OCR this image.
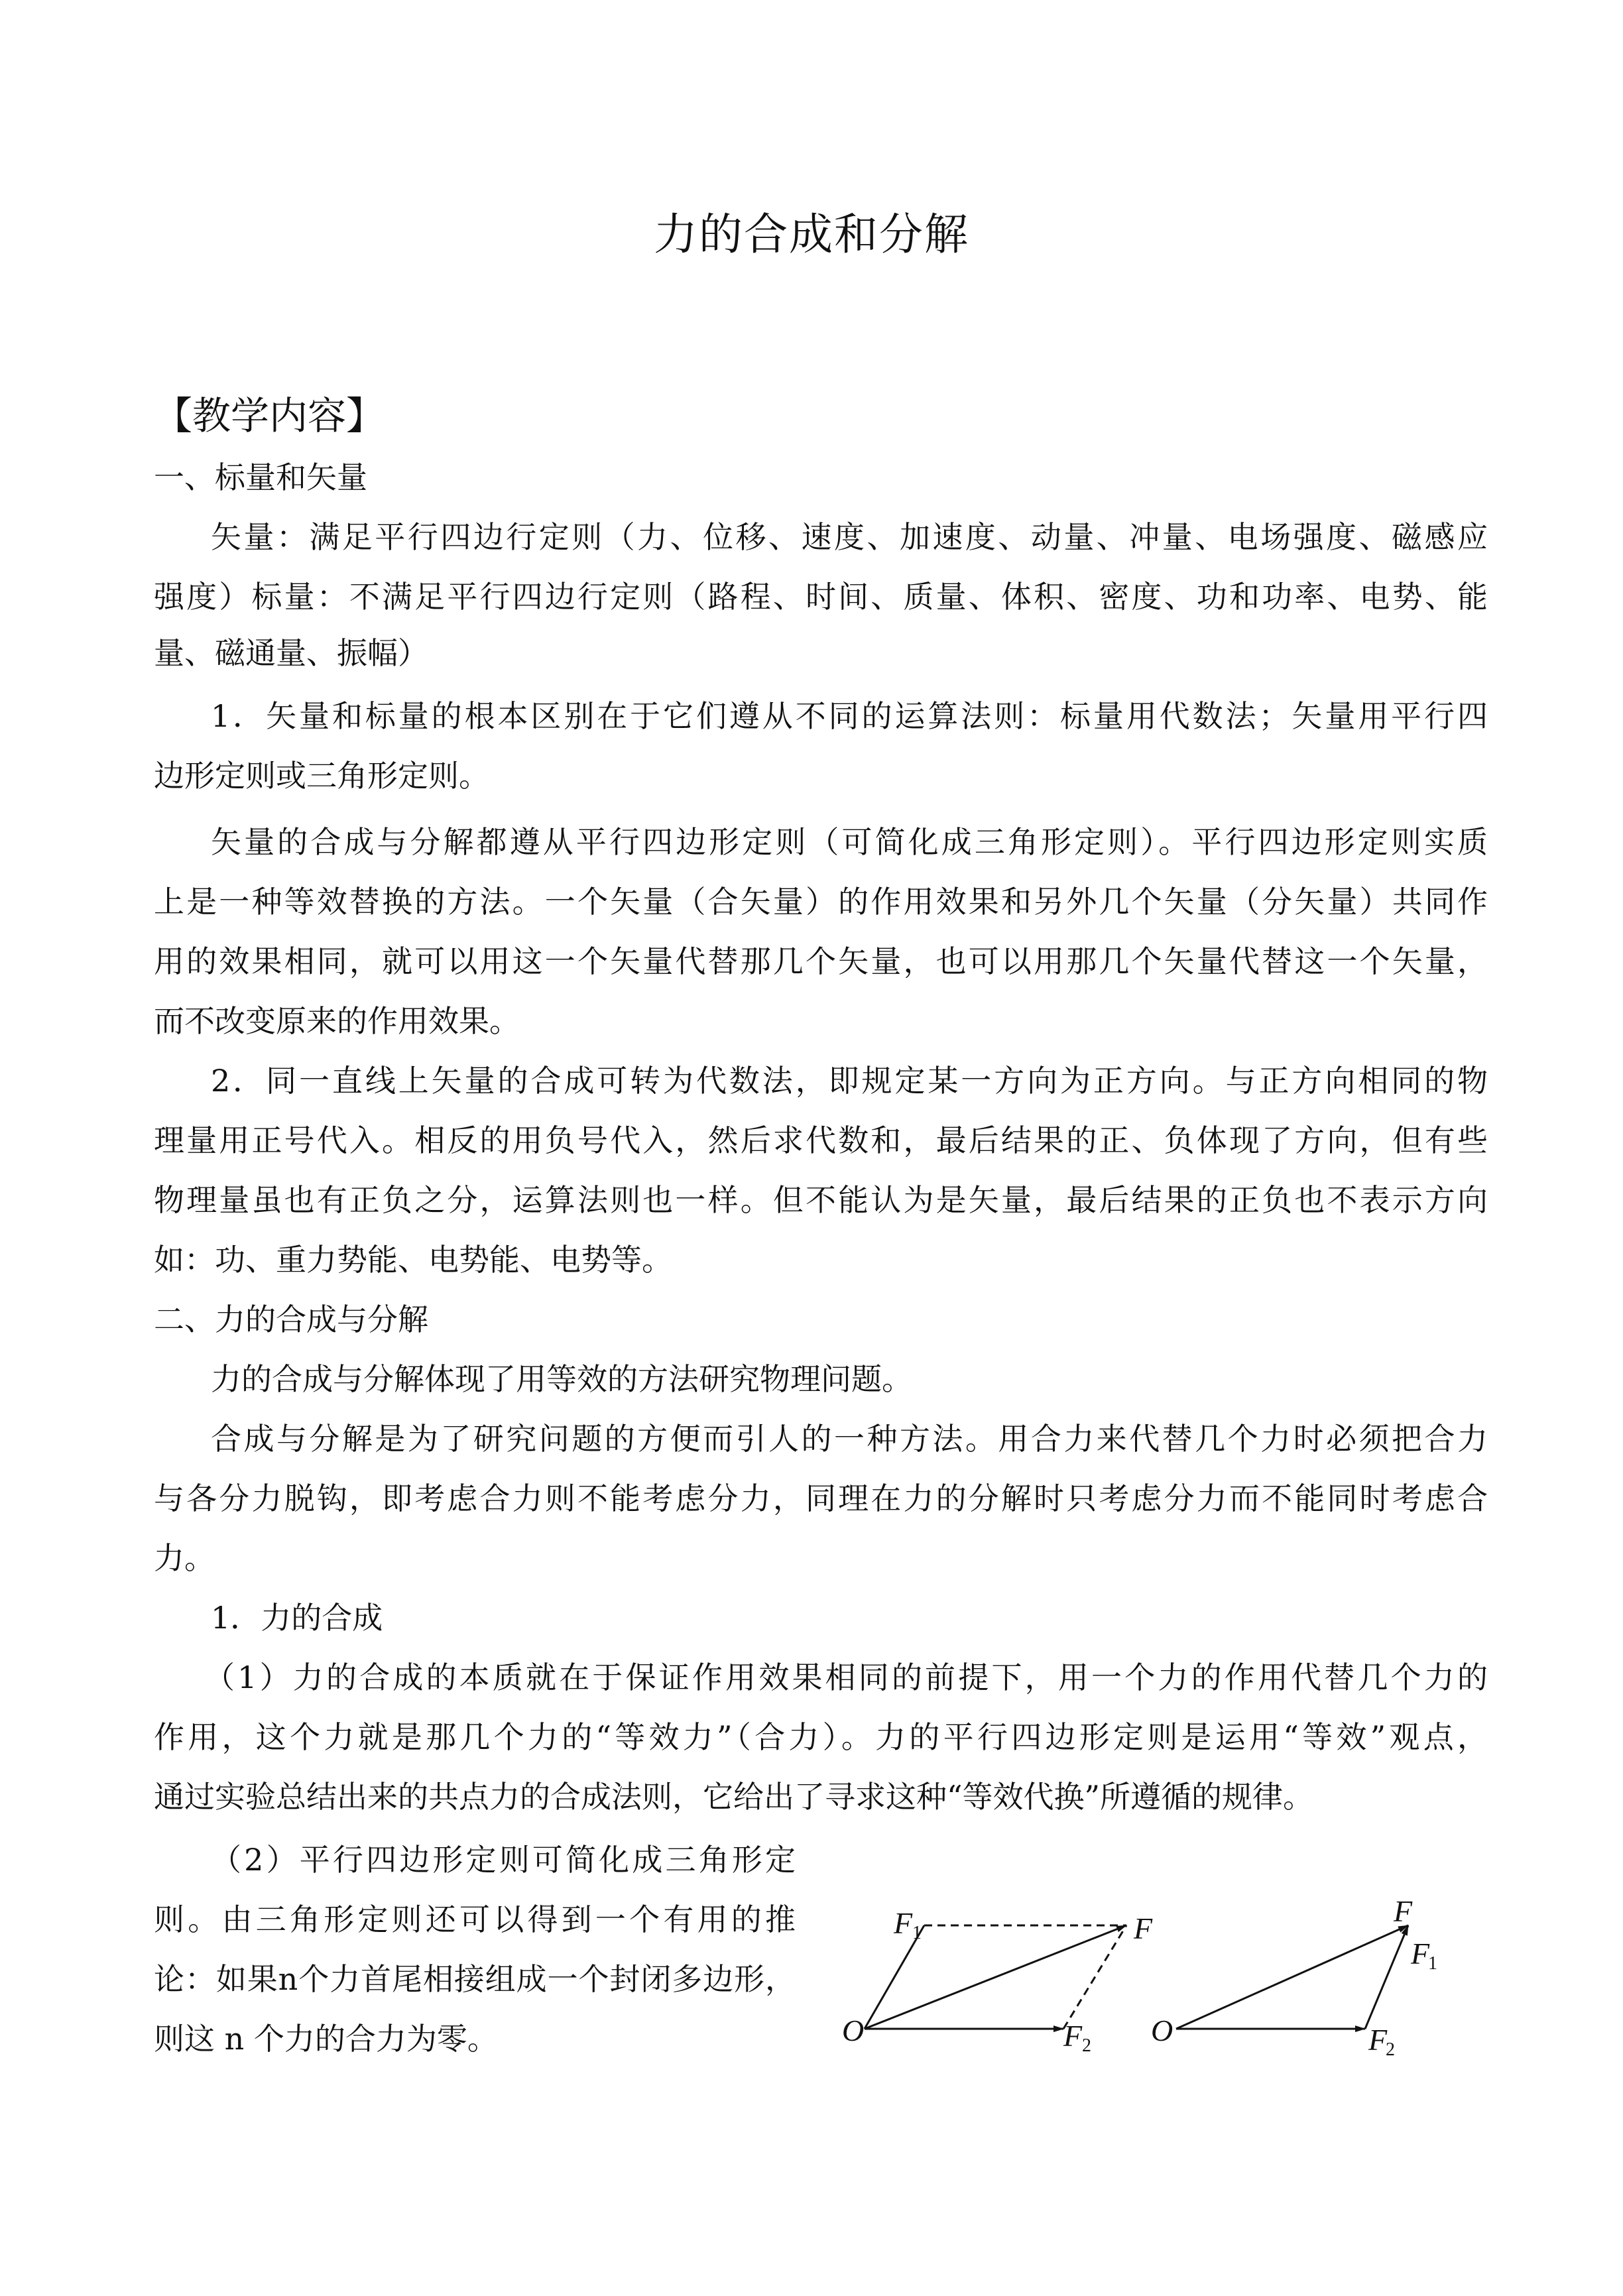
力的合成和分解
【教学内容】
一、标量和矢量
矢量：满足平行四边行定则（力、位移、速度、加速度、动量、冲量、电场强度、磁感应
强度）标量：不满足平行四边行定则（路程、时间、质量、体积、密度、功和功率、电势、能
量、磁通量、振幅）
1．矢量和标量的根本区别在于它们遵从不同的运算法则：标量用代数法；矢量用平行四
边形定则或三角形定则。
矢量的合成与分解都遵从平行四边形定则（可简化成三角形定则）。平行四边形定则实质
上是一种等效替换的方法。一个矢量（合矢量）的作用效果和另外几个矢量（分矢量）共同作
用的效果相同，就可以用这一个矢量代替那几个矢量，也可以用那几个矢量代替这一个矢量，
而不改变原来的作用效果。
2．同一直线上矢量的合成可转为代数法，即规定某一方向为正方向。与正方向相同的物
理量用正号代入。相反的用负号代入，然后求代数和，最后结果的正、负体现了方向，但有些
物理量虽也有正负之分，运算法则也一样。但不能认为是矢量，最后结果的正负也不表示方向
如：功、重力势能、电势能、电势等。
二、力的合成与分解
力的合成与分解体现了用等效的方法研究物理问题。
合成与分解是为了研究问题的方便而引人的一种方法。用合力来代替几个力时必须把合力
与各分力脱钩，即考虑合力则不能考虑分力，同理在力的分解时只考虑分力而不能同时考虑合
力。
1．力的合成
（1）力的合成的本质就在于保证作用效果相同的前提下，用一个力的作用代替几个力的
作用，这个力就是那几个力的“等效力”（合力）。力的平行四边形定则是运用“等效”观点，
通过实验总结出来的共点力的合成法则，它给出了寻求这种“等效代换”所遵循的规律。
（2）平行四边形定则可简化成三角形定
则。由三角形定则还可以得到一个有用的推
论：如果n个力首尾相接组成一个封闭多边形，
则这 n 个力的合力为零。	O
F 1	F
F 2 O
F
F
1
F
2
